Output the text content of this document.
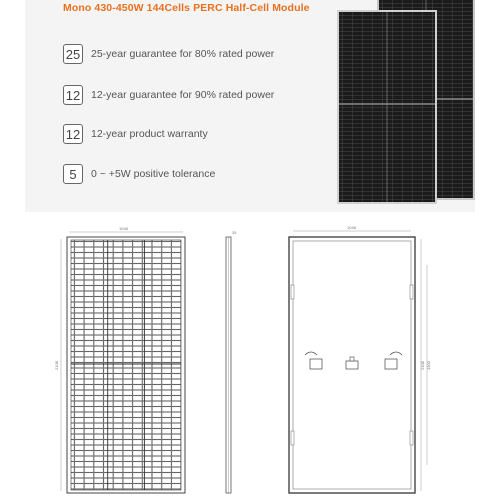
Mono 430-450W 144Cells PERC Half-Cell Module
25 25-year guarantee for 80% rated power
12 12-year guarantee for 90% rated power
12 12-year product warranty
5	0 ~ +5W positive tolerance
1048
2108
35
1048
2108 1300
